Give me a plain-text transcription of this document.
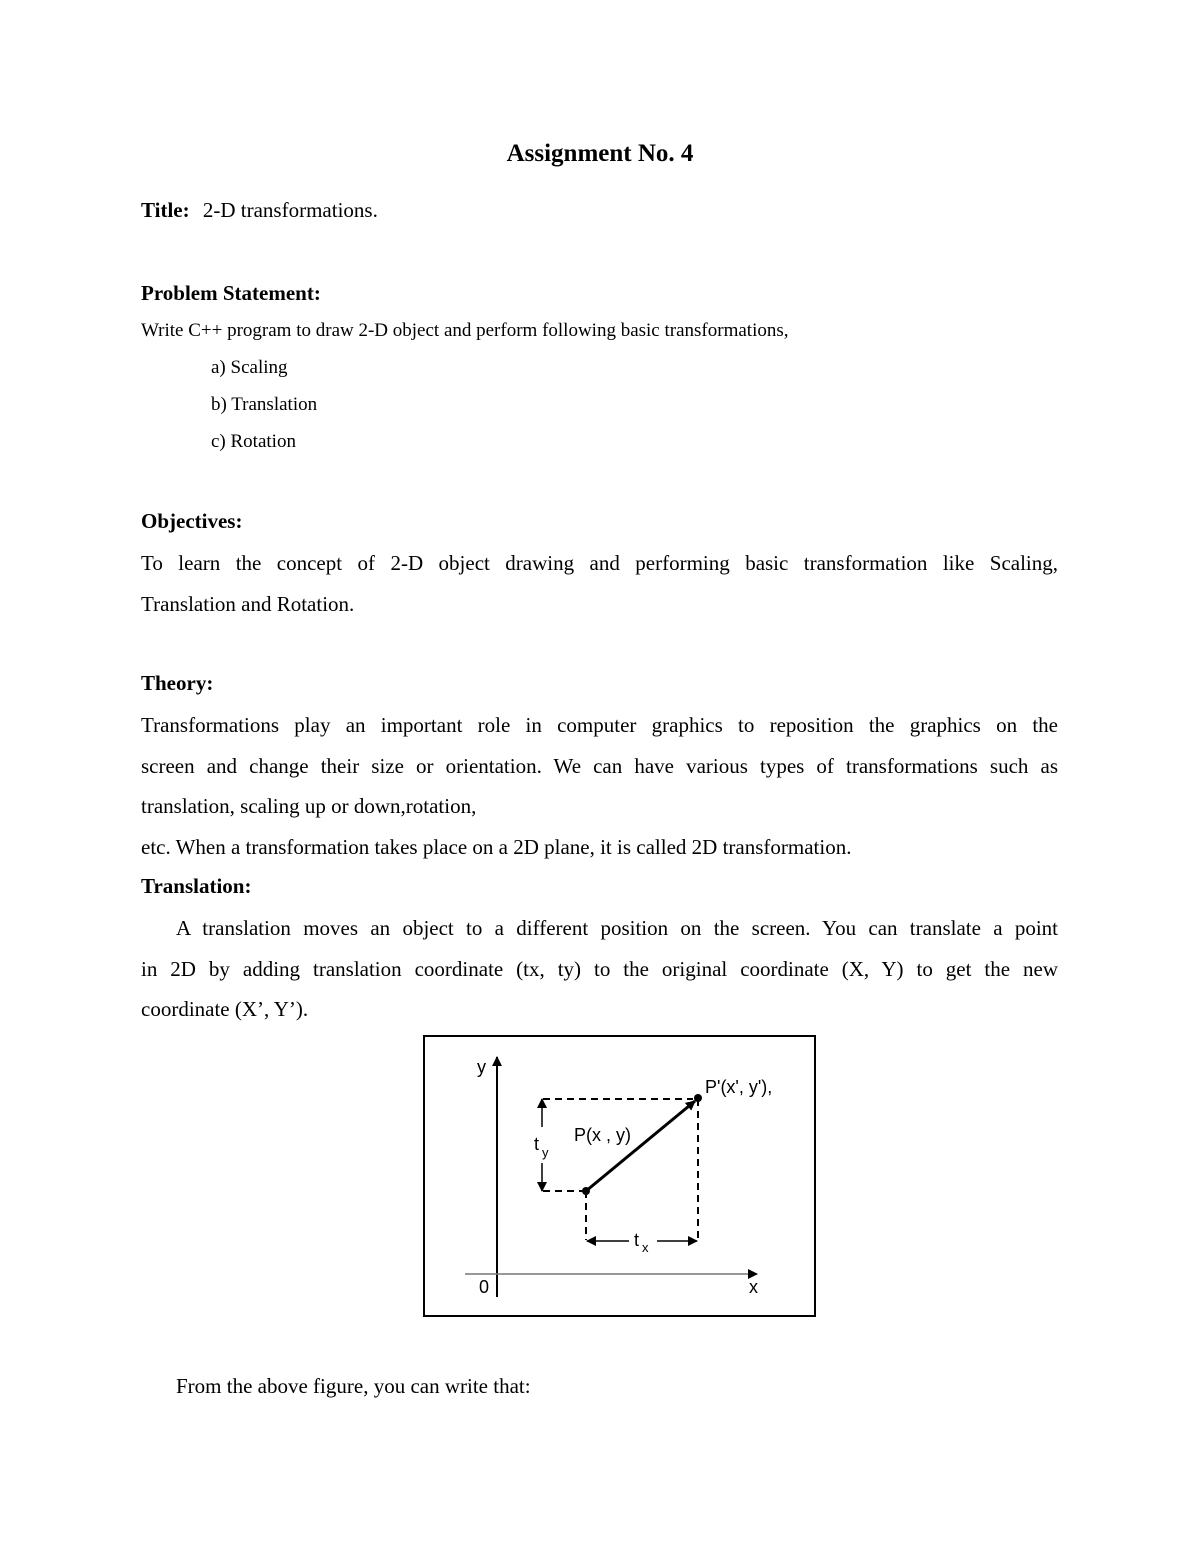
Assignment No. 4
Title: 2-D transformations.
Problem Statement:
Write C++ program to draw 2-D object and perform following basic transformations,
a) Scaling
b) Translation
c) Rotation
Objectives:
To learn the concept of 2-D object drawing and performing basic transformation like Scaling,
Translation and Rotation.
Theory:
Transformations play an important role in computer graphics to reposition the graphics on the
screen and change their size or orientation. We can have various types of transformations such as
translation, scaling up or down,rotation,
etc. When a transformation takes place on a 2D plane, it is called 2D transformation.
Translation:
A translation moves an object to a different position on the screen. You can translate a point
in 2D by adding translation coordinate (tx, ty) to the original coordinate (X, Y) to get the new
coordinate (X’, Y’).
y
x
0
P(x , y)
P'(x', y'),
t y
t x
From the above figure, you can write that:
